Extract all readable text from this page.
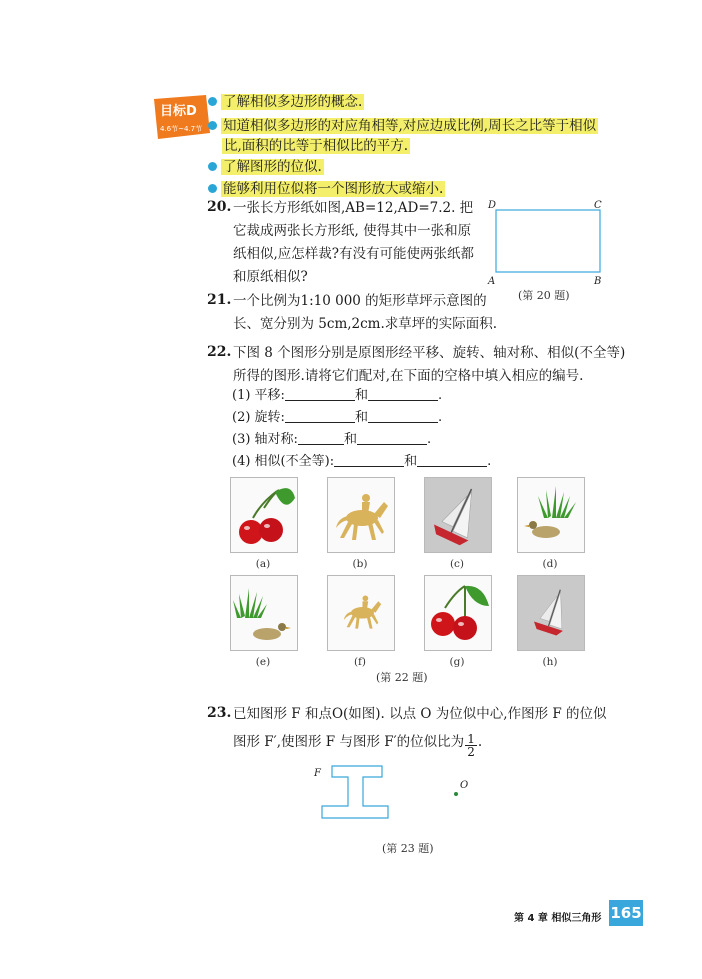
目标D
4.6节~4.7节
了解相似多边形的概念.
知道相似多边形的对应角相等,对应边成比例,周长之比等于相似
比,面积的比等于相似比的平方.
了解图形的位似.
能够利用位似将一个图形放大或缩小.
20. 一张长方形纸如图,AB=12,AD=7.2. 把
它裁成两张长方形纸, 使得其中一张和原
纸相似,应怎样裁?有没有可能使两张纸都
和原纸相似?
D	C
A	B
(第 20 题)
21. 一个比例为1:10 000 的矩形草坪示意图的
长、宽分别为 5cm,2cm.求草坪的实际面积.
22. 下图 8 个图形分别是原图形经平移、旋转、轴对称、相似(不全等)
所得的图形.请将它们配对,在下面的空格中填入相应的编号.
(1) 平移:	和	.
(2) 旋转:	和	.
(3) 轴对称:	和	.
(4) 相似(不全等):	和	.
(a)	(b)	(c)	(d)
(e)	(f)	(g)	(h)
(第 22 题)
23. 已知图形 F 和点O(如图). 以点 O 为位似中心,作图形 F 的位似
图形 F′,使图形 F 与图形 F′的位似比为 $\frac{1}{2}$ .
F
O
(第 23 题)
第 4 章 相似三角形 165
